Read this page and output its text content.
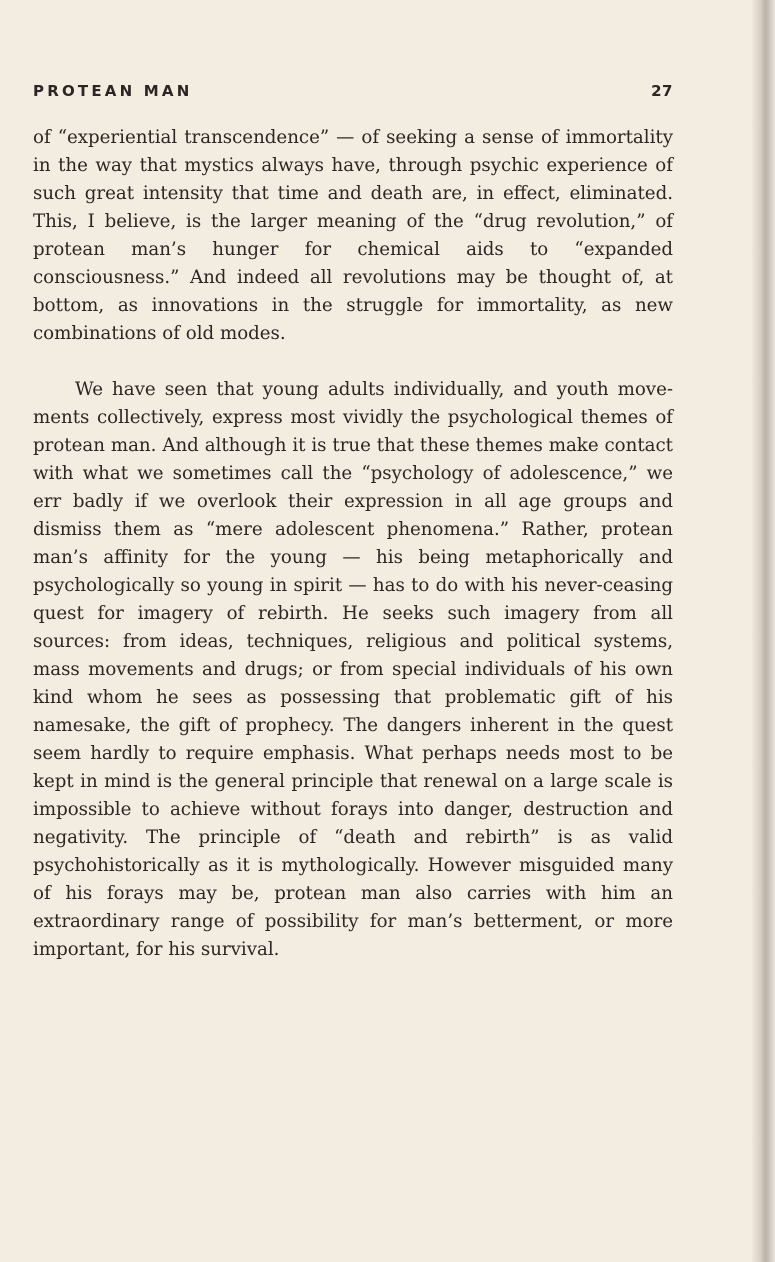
PROTEAN MAN	27

of “experiential transcendence” — of seeking a sense of immortality in the way that mystics always have, through psychic experience of such great intensity that time and death are, in effect, eliminated. This, I believe, is the larger meaning of the “drug revolution,” of protean man’s hunger for chemical aids to “expanded consciousness.” And indeed all revolutions may be thought of, at bottom, as innovations in the struggle for immortality, as new combinations of old modes.

We have seen that young adults individually, and youth movements collectively, express most vividly the psychological themes of protean man. And although it is true that these themes make contact with what we sometimes call the “psychology of adolescence,” we err badly if we overlook their expression in all age groups and dismiss them as “mere adolescent phenomena.” Rather, protean man’s affinity for the young — his being metaphorically and psychologically so young in spirit — has to do with his never-ceasing quest for imagery of rebirth. He seeks such imagery from all sources: from ideas, techniques, religious and political systems, mass movements and drugs; or from special individuals of his own kind whom he sees as possessing that problematic gift of his namesake, the gift of prophecy. The dangers inherent in the quest seem hardly to require emphasis. What perhaps needs most to be kept in mind is the general principle that renewal on a large scale is impossible to achieve without forays into danger, destruction and negativity. The principle of “death and rebirth” is as valid psychohistorically as it is mythologically. However misguided many of his forays may be, protean man also carries with him an extraordinary range of possibility for man’s betterment, or more important, for his survival.
